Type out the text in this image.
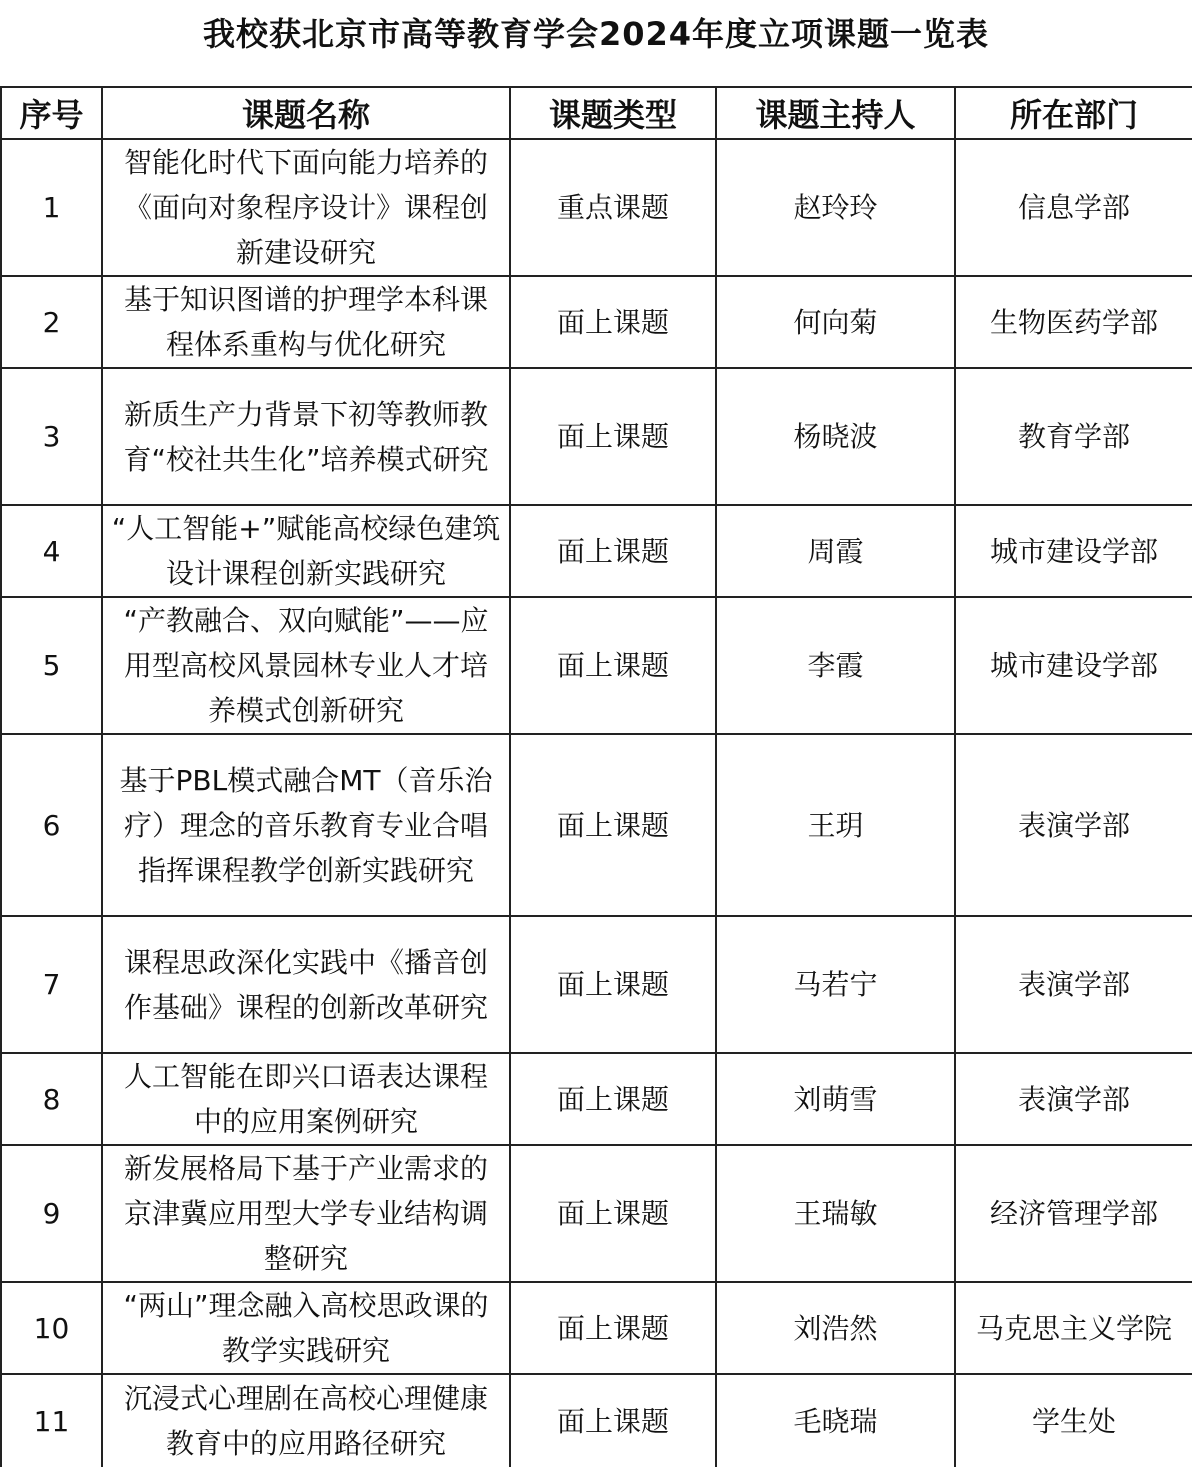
我校获北京市高等教育学会2024年度立项课题一览表
序号	课题名称	课题类型	课题主持人	所在部门
1	智能化时代下面向能力培养的《面向对象程序设计》课程创新建设研究	重点课题	赵玲玲	信息学部
2	基于知识图谱的护理学本科课程体系重构与优化研究	面上课题	何向菊	生物医药学部
3	新质生产力背景下初等教师教育“校社共生化”培养模式研究	面上课题	杨晓波	教育学部
4	“人工智能+”赋能高校绿色建筑设计课程创新实践研究	面上课题	周霞	城市建设学部
5	“产教融合、双向赋能”——应用型高校风景园林专业人才培养模式创新研究	面上课题	李霞	城市建设学部
6	基于PBL模式融合MT（音乐治疗）理念的音乐教育专业合唱指挥课程教学创新实践研究	面上课题	王玥	表演学部
7	课程思政深化实践中《播音创作基础》课程的创新改革研究	面上课题	马若宁	表演学部
8	人工智能在即兴口语表达课程中的应用案例研究	面上课题	刘萌雪	表演学部
9	新发展格局下基于产业需求的京津冀应用型大学专业结构调整研究	面上课题	王瑞敏	经济管理学部
10	“两山”理念融入高校思政课的教学实践研究	面上课题	刘浩然	马克思主义学院
11	沉浸式心理剧在高校心理健康教育中的应用路径研究	面上课题	毛晓瑞	学生处
